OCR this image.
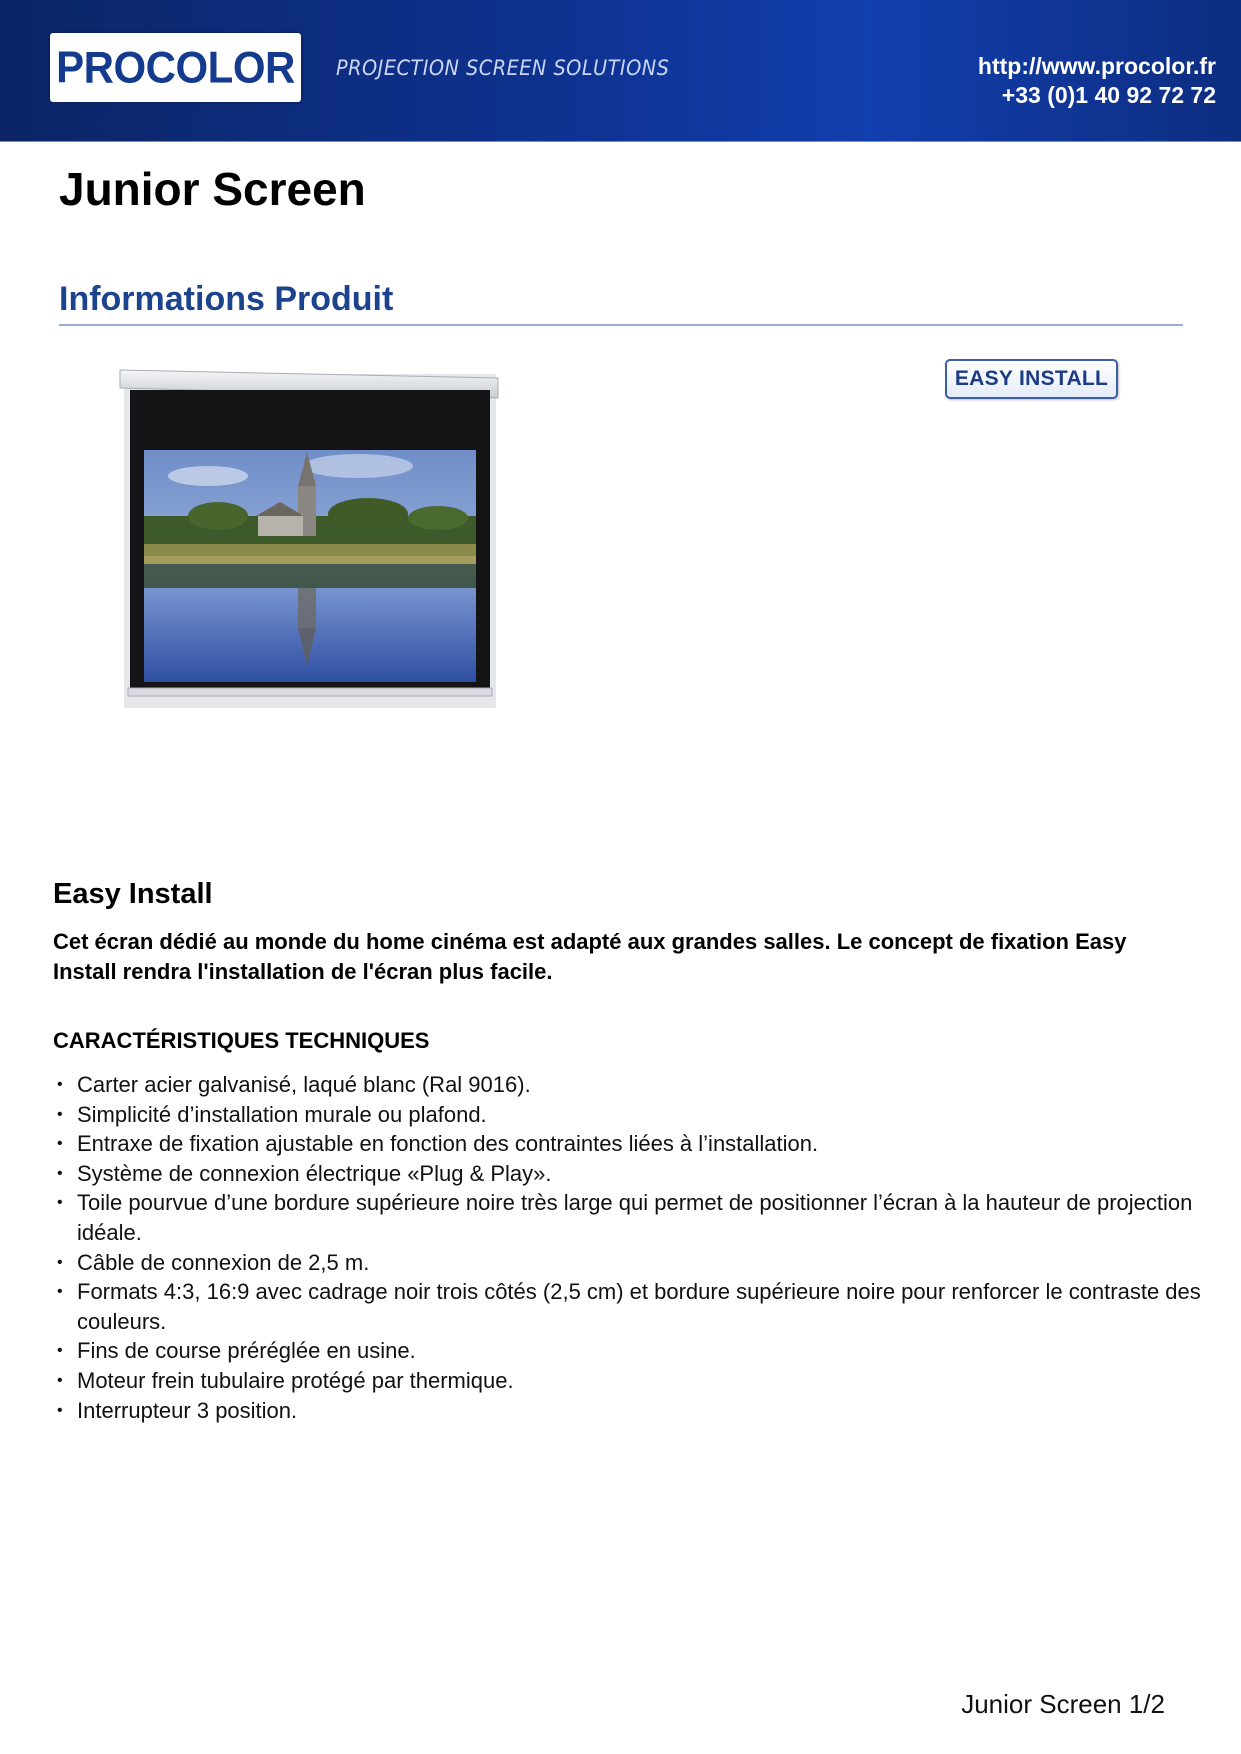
PROCOLOR PROJECTION SCREEN SOLUTIONS	http://www.procolor.fr
+33 (0)1 40 92 72 72
Junior Screen
Informations Produit
EASY INSTALL
Easy Install

Cet écran dédié au monde du home cinéma est adapté aux grandes salles. Le concept de fixation Easy Install rendra l'installation de l'écran plus facile.

CARACTÉRISTIQUES TECHNIQUES
• Carter acier galvanisé, laqué blanc (Ral 9016).
• Simplicité d’installation murale ou plafond.
• Entraxe de fixation ajustable en fonction des contraintes liées à l’installation.
• Système de connexion électrique «Plug & Play».
• Toile pourvue d’une bordure supérieure noire très large qui permet de positionner l’écran à la hauteur de projection idéale.
• Câble de connexion de 2,5 m.
• Formats 4:3, 16:9 avec cadrage noir trois côtés (2,5 cm) et bordure supérieure noire pour renforcer le contraste des couleurs.
• Fins de course préréglée en usine.
• Moteur frein tubulaire protégé par thermique.
• Interrupteur 3 position.
Junior Screen 1/2
